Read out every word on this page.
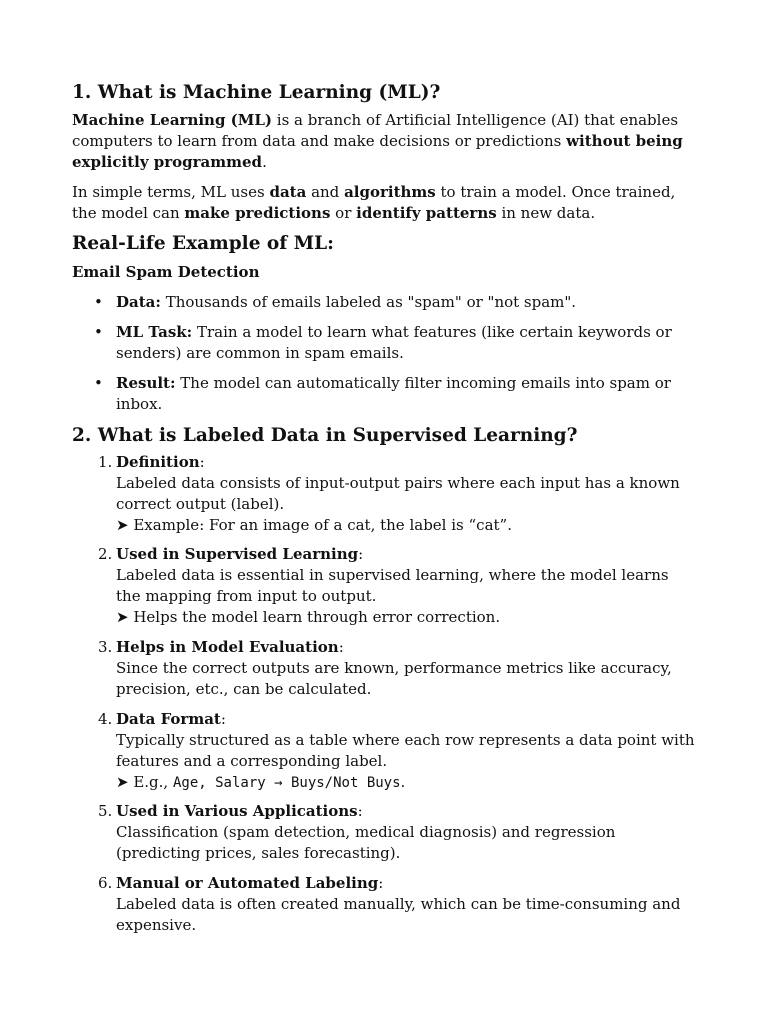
1. What is Machine Learning (ML)?

Machine Learning (ML) is a branch of Artificial Intelligence (AI) that enables
computers to learn from data and make decisions or predictions without being
explicitly programmed.

In simple terms, ML uses data and algorithms to train a model. Once trained,
the model can make predictions or identify patterns in new data.

Real-Life Example of ML:
Email Spam Detection
• Data: Thousands of emails labeled as "spam" or "not spam".
• ML Task: Train a model to learn what features (like certain keywords or
senders) are common in spam emails.
• Result: The model can automatically filter incoming emails into spam or
inbox.
2. What is Labeled Data in Supervised Learning?
1. Definition:
Labeled data consists of input-output pairs where each input has a known
correct output (label).
➤ Example: For an image of a cat, the label is “cat”.
2. Used in Supervised Learning:
Labeled data is essential in supervised learning, where the model learns
the mapping from input to output.
➤ Helps the model learn through error correction.
3. Helps in Model Evaluation:
Since the correct outputs are known, performance metrics like accuracy,
precision, etc., can be calculated.
4. Data Format:
Typically structured as a table where each row represents a data point with
features and a corresponding label.
➤ E.g., Age, Salary → Buys/Not Buys.
5. Used in Various Applications:
Classification (spam detection, medical diagnosis) and regression
(predicting prices, sales forecasting).
6. Manual or Automated Labeling:
Labeled data is often created manually, which can be time-consuming and
expensive.
